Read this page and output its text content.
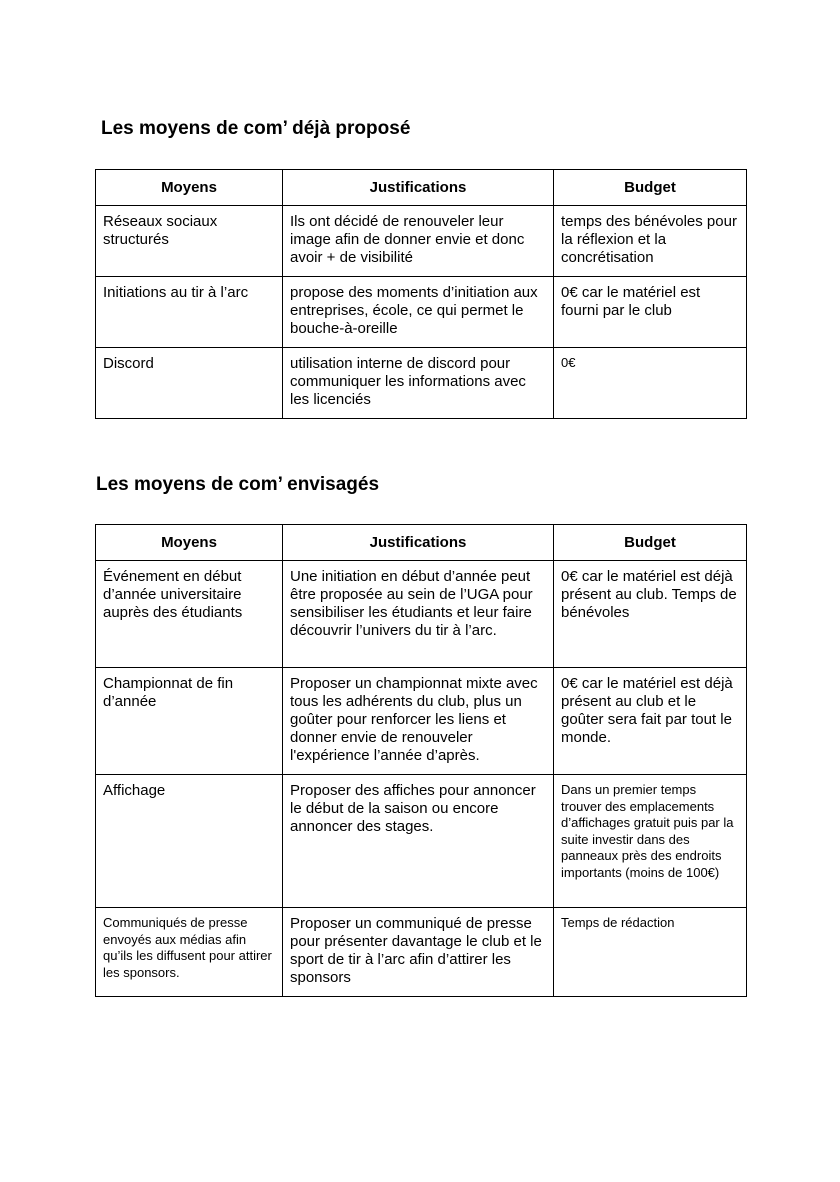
Les moyens de com’ déjà proposé
Moyens	Justifications	Budget
Réseaux sociaux structurés	Ils ont décidé de renouveler leur image afin de donner envie et donc avoir + de visibilité	temps des bénévoles pour la réflexion et la concrétisation
Initiations au tir à l’arc	propose des moments d’initiation aux entreprises, école, ce qui permet le bouche-à-oreille	0€ car le matériel est fourni par le club
Discord	utilisation interne de discord pour communiquer les informations avec les licenciés	0€
Les moyens de com’ envisagés
Moyens	Justifications	Budget
Événement en début d’année universitaire auprès des étudiants	Une initiation en début d’année peut être proposée au sein de l’UGA pour sensibiliser les étudiants et leur faire découvrir l’univers du tir à l’arc.	0€ car le matériel est déjà présent au club. Temps de bénévoles
Championnat de fin d’année	Proposer un championnat mixte avec tous les adhérents du club, plus un goûter pour renforcer les liens et donner envie de renouveler l'expérience l’année d’après.	0€ car le matériel est déjà présent au club et le goûter sera fait par tout le monde.
Affichage	Proposer des affiches pour annoncer le début de la saison ou encore annoncer des stages.	Dans un premier temps trouver des emplacements d’affichages gratuit puis par la suite investir dans des panneaux près des endroits importants (moins de 100€)
Communiqués de presse envoyés aux médias afin qu’ils les diffusent pour attirer les sponsors.	Proposer un communiqué de presse pour présenter davantage le club et le sport de tir à l’arc afin d’attirer les sponsors	Temps de rédaction
